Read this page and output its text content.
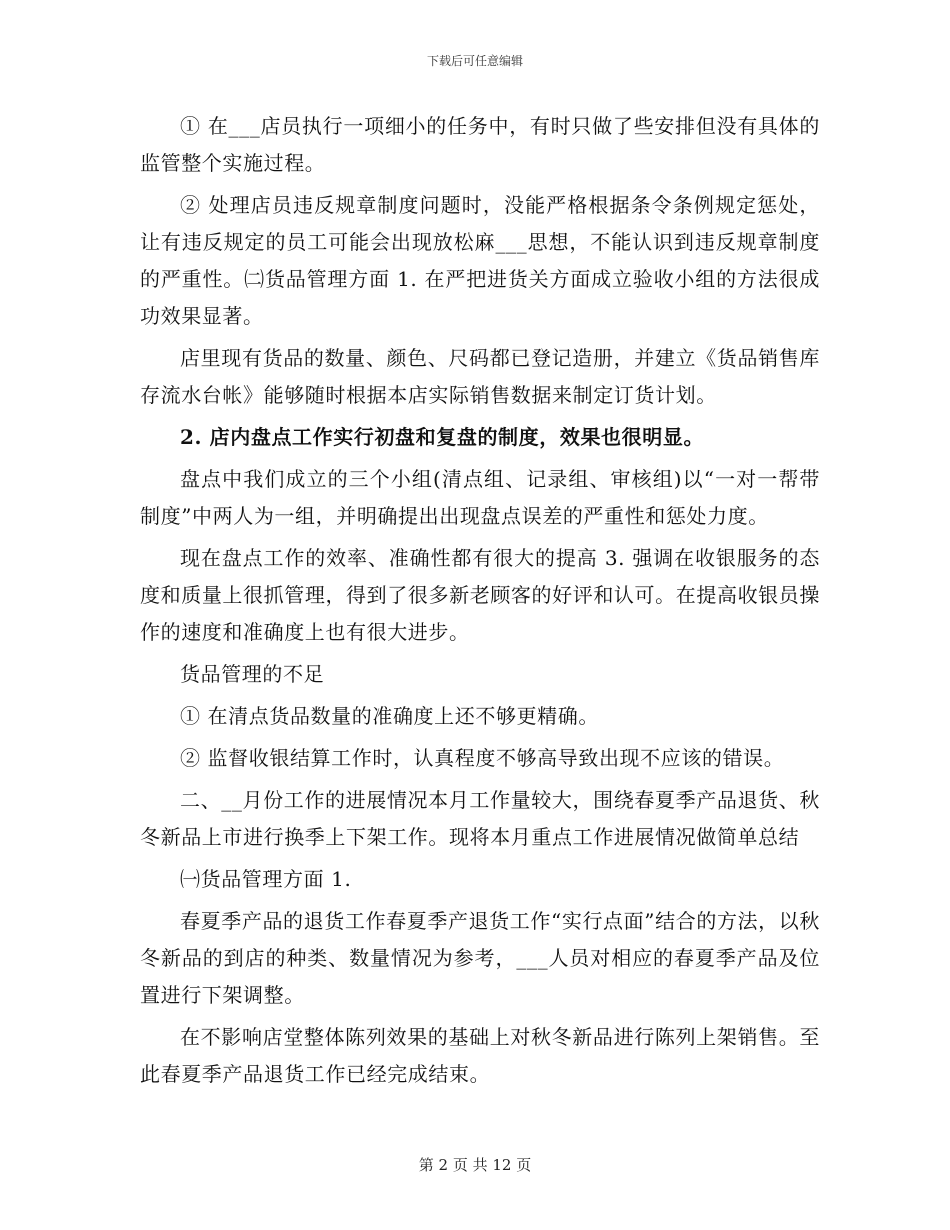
下载后可任意编辑

① 在___店员执行一项细小的任务中，有时只做了些安排但没有具体的监管整个实施过程。

② 处理店员违反规章制度问题时，没能严格根据条令条例规定惩处，让有违反规定的员工可能会出现放松麻___思想，不能认识到违反规章制度的严重性。㈡货品管理方面 1. 在严把进货关方面成立验收小组的方法很成功效果显著。

店里现有货品的数量、颜色、尺码都已登记造册，并建立《货品销售库存流水台帐》能够随时根据本店实际销售数据来制定订货计划。

2. 店内盘点工作实行初盘和复盘的制度，效果也很明显。

盘点中我们成立的三个小组(清点组、记录组、审核组)以“一对一帮带制度”中两人为一组，并明确提出出现盘点误差的严重性和惩处力度。

现在盘点工作的效率、准确性都有很大的提高 3. 强调在收银服务的态度和质量上很抓管理，得到了很多新老顾客的好评和认可。在提高收银员操作的速度和准确度上也有很大进步。

货品管理的不足

① 在清点货品数量的准确度上还不够更精确。

② 监督收银结算工作时，认真程度不够高导致出现不应该的错误。

二、__月份工作的进展情况本月工作量较大，围绕春夏季产品退货、秋冬新品上市进行换季上下架工作。现将本月重点工作进展情况做简单总结

㈠货品管理方面 1.

春夏季产品的退货工作春夏季产退货工作“实行点面”结合的方法，以秋冬新品的到店的种类、数量情况为参考，___人员对相应的春夏季产品及位置进行下架调整。

在不影响店堂整体陈列效果的基础上对秋冬新品进行陈列上架销售。至此春夏季产品退货工作已经完成结束。

第 2 页 共 12 页
